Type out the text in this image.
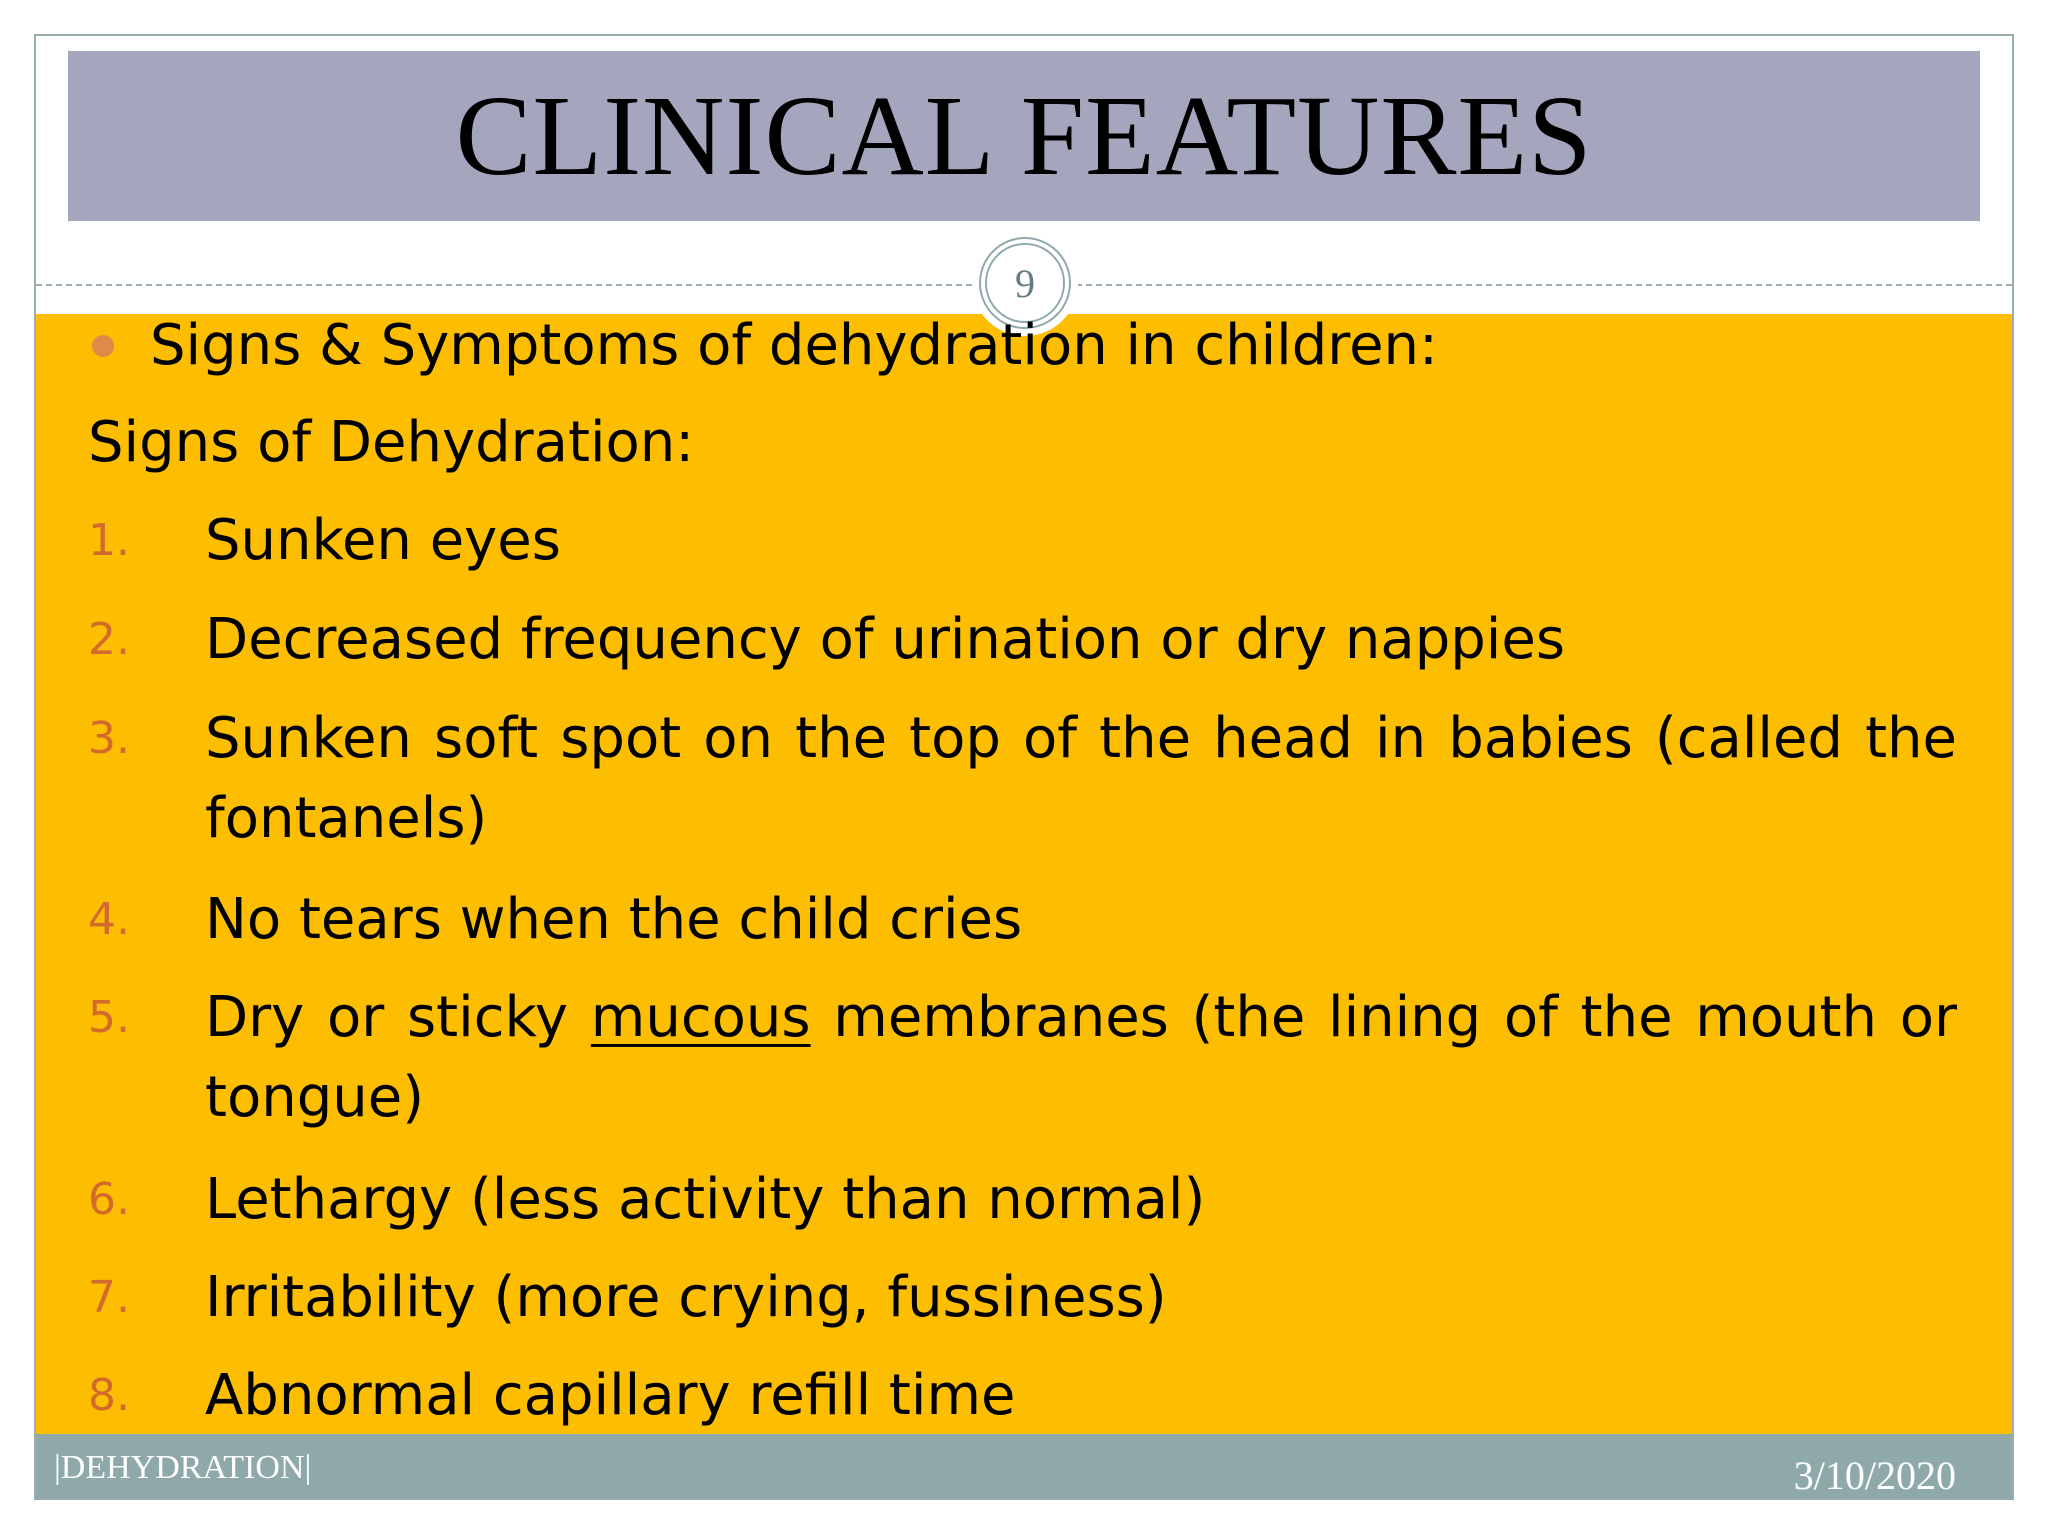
CLINICAL FEATURES
9
Signs & Symptoms of dehydration in children:
Signs of Dehydration:
1. Sunken eyes
2. Decreased frequency of urination or dry nappies
3. Sunken soft spot on the top of the head in babies (called the fontanels)
4. No tears when the child cries
5. Dry or sticky mucous membranes (the lining of the mouth or tongue)
6. Lethargy (less activity than normal)
7. Irritability (more crying, fussiness)
8. Abnormal capillary refill time
|DEHYDRATION|	3/10/2020
